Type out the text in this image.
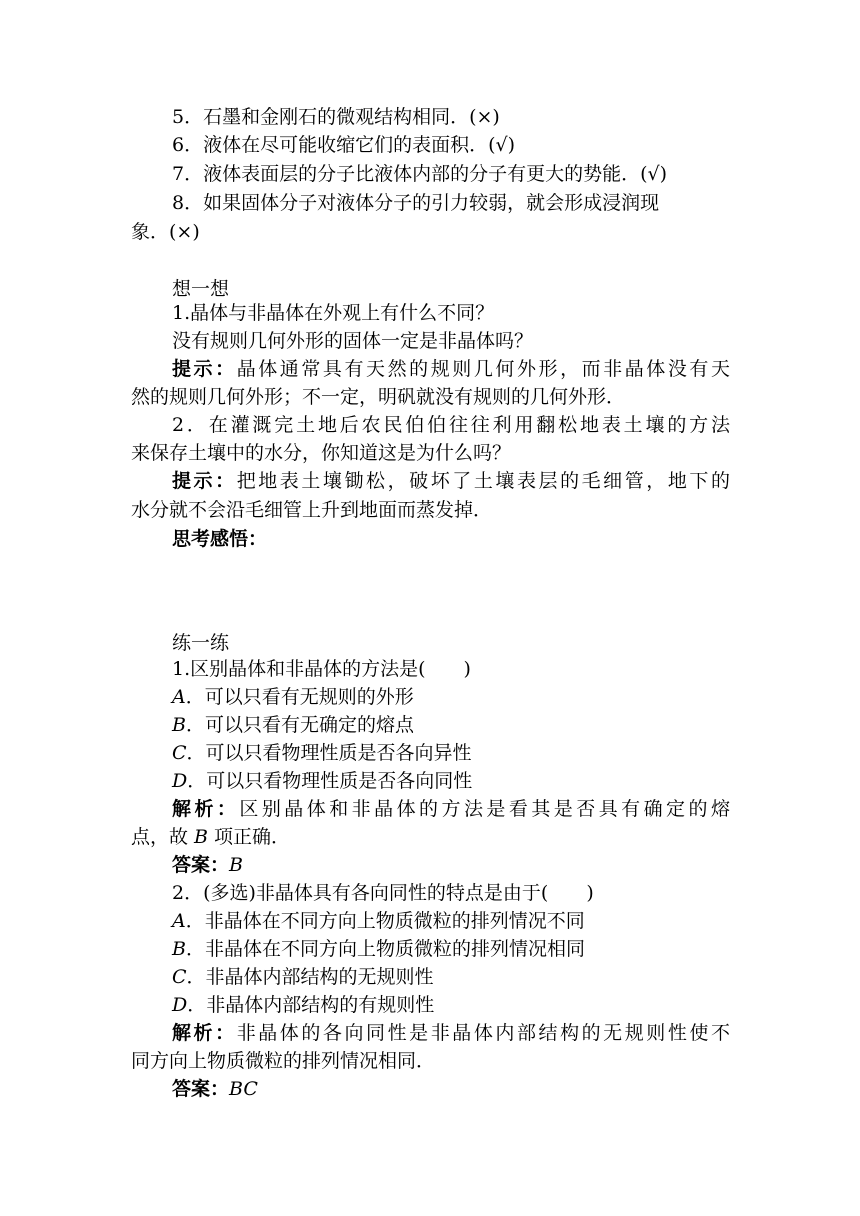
5．石墨和金刚石的微观结构相同．(×)
6．液体在尽可能收缩它们的表面积．(√)
7．液体表面层的分子比液体内部的分子有更大的势能．(√)
8．如果固体分子对液体分子的引力较弱，就会形成浸润现
象．(×)
想一想
1.晶体与非晶体在外观上有什么不同？
没有规则几何外形的固体一定是非晶体吗？
提示：晶体通常具有天然的规则几何外形，而非晶体没有天
然的规则几何外形；不一定，明矾就没有规则的几何外形．
2．在灌溉完土地后农民伯伯往往利用翻松地表土壤的方法
来保存土壤中的水分，你知道这是为什么吗？
提示：把地表土壤锄松，破坏了土壤表层的毛细管，地下的
水分就不会沿毛细管上升到地面而蒸发掉．
思考感悟：
练一练
1.区别晶体和非晶体的方法是(　　)
A．可以只看有无规则的外形
B．可以只看有无确定的熔点
C．可以只看物理性质是否各向异性
D．可以只看物理性质是否各向同性
解析：区别晶体和非晶体的方法是看其是否具有确定的熔
点，故 B 项正确．
答案：B
2．(多选)非晶体具有各向同性的特点是由于(　　)
A．非晶体在不同方向上物质微粒的排列情况不同
B．非晶体在不同方向上物质微粒的排列情况相同
C．非晶体内部结构的无规则性
D．非晶体内部结构的有规则性
解析：非晶体的各向同性是非晶体内部结构的无规则性使不
同方向上物质微粒的排列情况相同．
答案：BC
